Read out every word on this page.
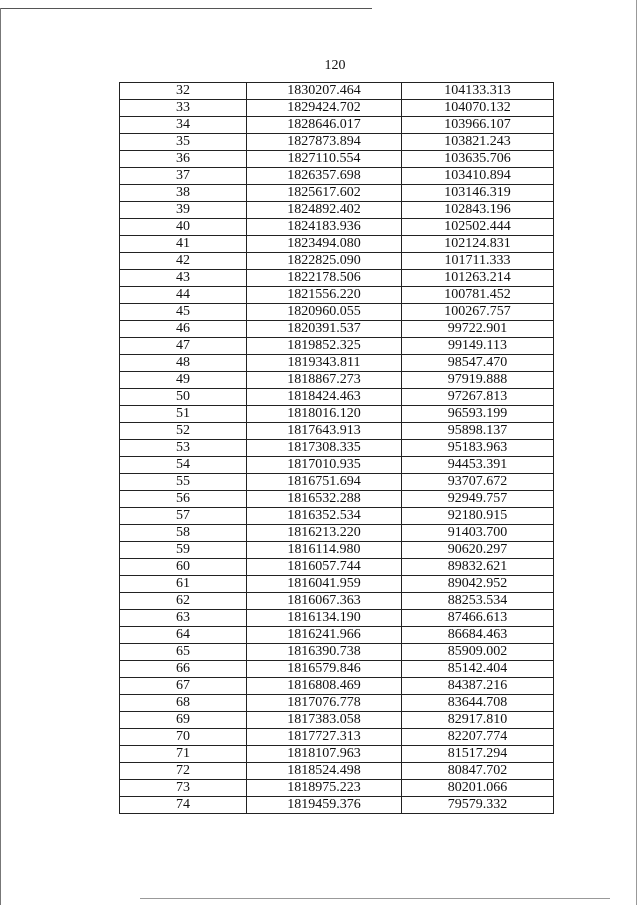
120
32	1830207.464	104133.313
33	1829424.702	104070.132
34	1828646.017	103966.107
35	1827873.894	103821.243
36	1827110.554	103635.706
37	1826357.698	103410.894
38	1825617.602	103146.319
39	1824892.402	102843.196
40	1824183.936	102502.444
41	1823494.080	102124.831
42	1822825.090	101711.333
43	1822178.506	101263.214
44	1821556.220	100781.452
45	1820960.055	100267.757
46	1820391.537	99722.901
47	1819852.325	99149.113
48	1819343.811	98547.470
49	1818867.273	97919.888
50	1818424.463	97267.813
51	1818016.120	96593.199
52	1817643.913	95898.137
53	1817308.335	95183.963
54	1817010.935	94453.391
55	1816751.694	93707.672
56	1816532.288	92949.757
57	1816352.534	92180.915
58	1816213.220	91403.700
59	1816114.980	90620.297
60	1816057.744	89832.621
61	1816041.959	89042.952
62	1816067.363	88253.534
63	1816134.190	87466.613
64	1816241.966	86684.463
65	1816390.738	85909.002
66	1816579.846	85142.404
67	1816808.469	84387.216
68	1817076.778	83644.708
69	1817383.058	82917.810
70	1817727.313	82207.774
71	1818107.963	81517.294
72	1818524.498	80847.702
73	1818975.223	80201.066
74	1819459.376	79579.332
